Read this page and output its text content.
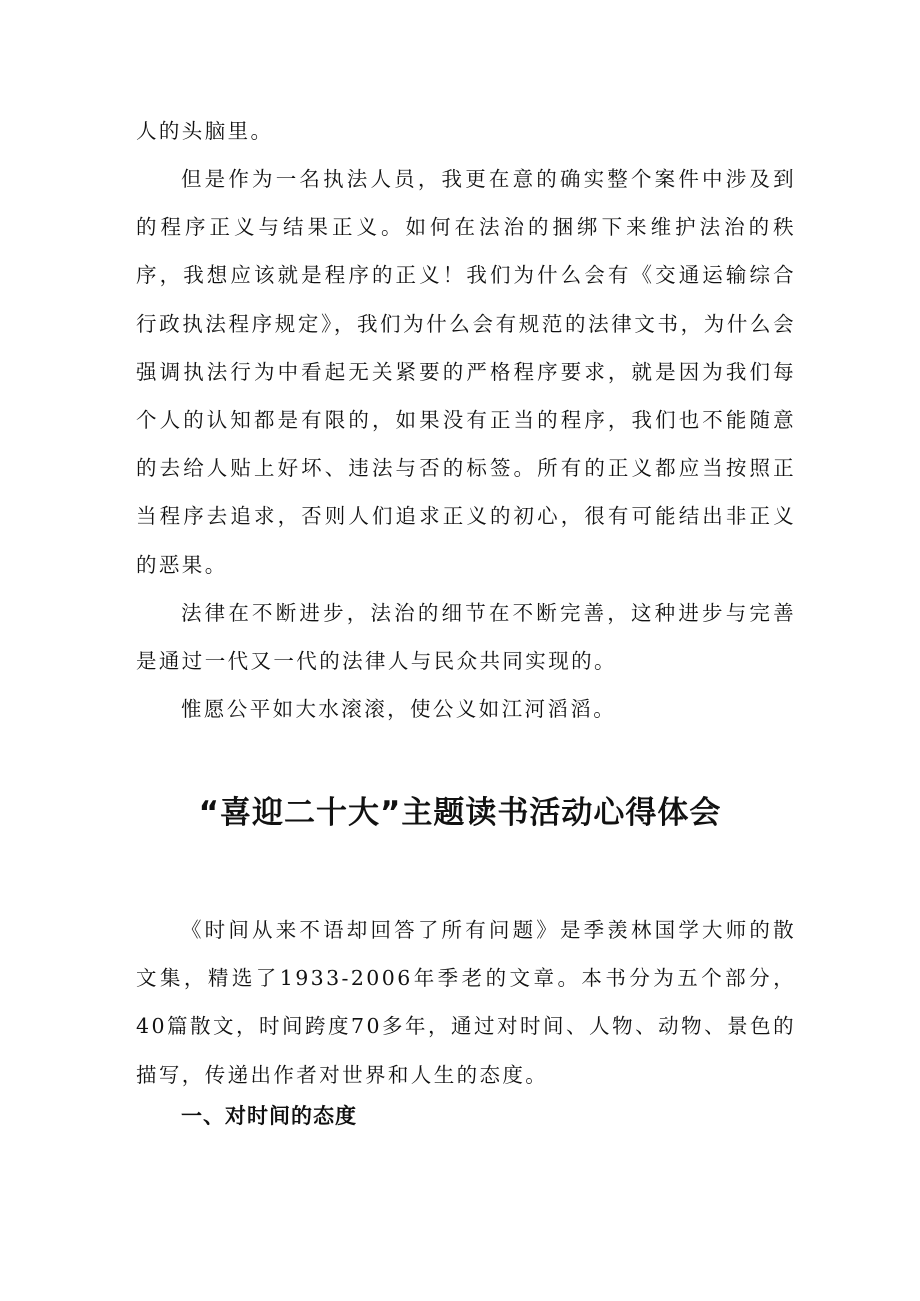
人的头脑里。

但是作为一名执法人员，我更在意的确实整个案件中涉及到的程序正义与结果正义。如何在法治的捆绑下来维护法治的秩序，我想应该就是程序的正义！我们为什么会有《交通运输综合行政执法程序规定》，我们为什么会有规范的法律文书，为什么会强调执法行为中看起无关紧要的严格程序要求，就是因为我们每个人的认知都是有限的，如果没有正当的程序，我们也不能随意的去给人贴上好坏、违法与否的标签。所有的正义都应当按照正当程序去追求，否则人们追求正义的初心，很有可能结出非正义的恶果。

法律在不断进步，法治的细节在不断完善，这种进步与完善是通过一代又一代的法律人与民众共同实现的。

惟愿公平如大水滚滚，使公义如江河滔滔。

“喜迎二十大”主题读书活动心得体会

《时间从来不语却回答了所有问题》是季羡林国学大师的散文集，精选了1933-2006年季老的文章。本书分为五个部分，40篇散文，时间跨度70多年，通过对时间、人物、动物、景色的描写，传递出作者对世界和人生的态度。

一、对时间的态度
